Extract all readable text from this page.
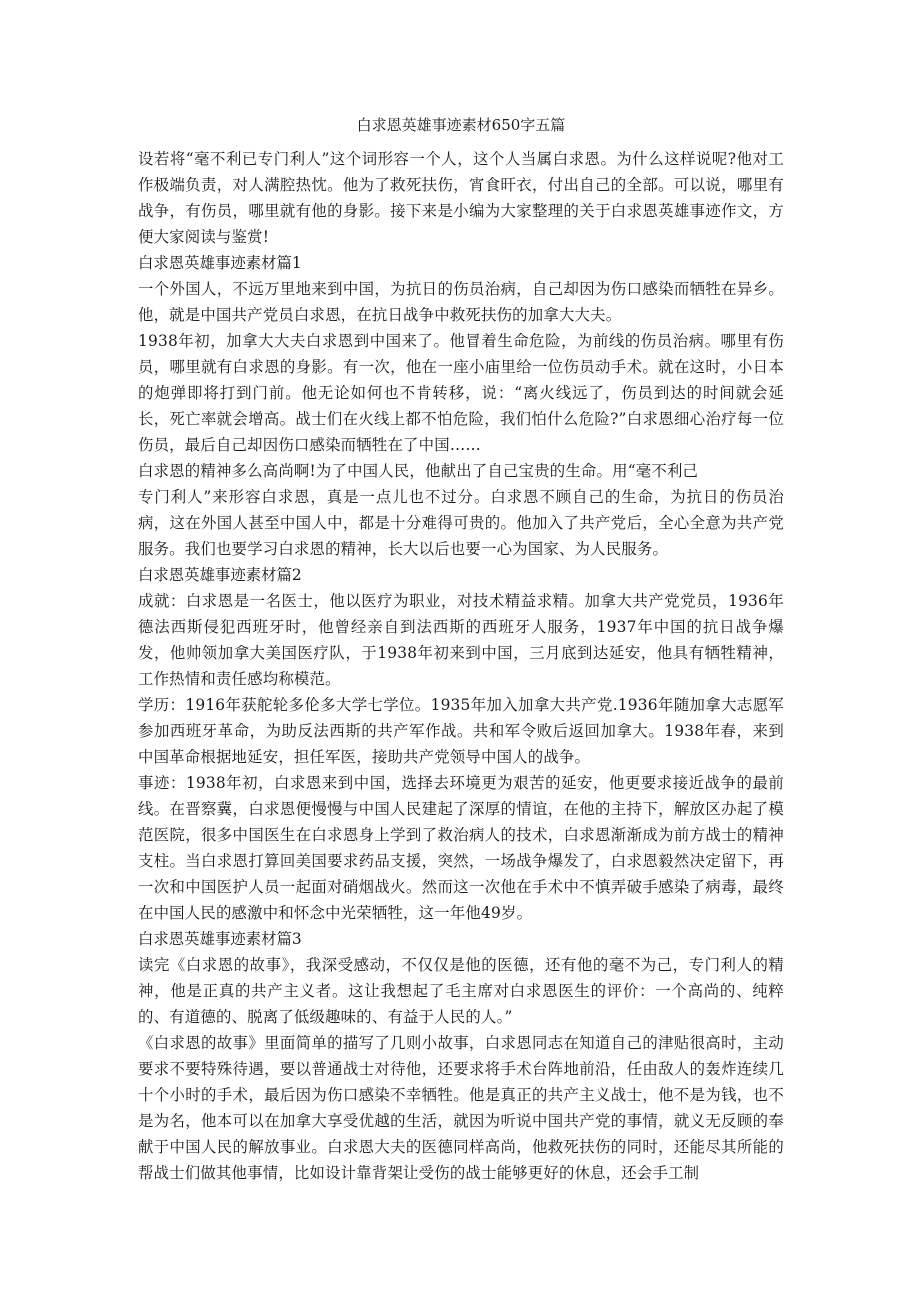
白求恩英雄事迹素材650字五篇

设若将“毫不利已专门利人”这个词形容一个人，这个人当属白求恩。为什么这样说呢?他对工作极端负责，对人满腔热忱。他为了救死扶伤，宵食旰衣，付出自己的全部。可以说，哪里有战争，有伤员，哪里就有他的身影。接下来是小编为大家整理的关于白求恩英雄事迹作文，方便大家阅读与鉴赏!

白求恩英雄事迹素材篇1

一个外国人，不远万里地来到中国，为抗日的伤员治病，自己却因为伤口感染而牺牲在异乡。他，就是中国共产党员白求恩，在抗日战争中救死扶伤的加拿大大夫。

1938年初，加拿大大夫白求恩到中国来了。他冒着生命危险，为前线的伤员治病。哪里有伤员，哪里就有白求恩的身影。有一次，他在一座小庙里给一位伤员动手术。就在这时，小日本的炮弹即将打到门前。他无论如何也不肯转移，说：“离火线远了，伤员到达的时间就会延长，死亡率就会增高。战士们在火线上都不怕危险，我们怕什么危险?”白求恩细心治疗每一位伤员，最后自己却因伤口感染而牺牲在了中国……

白求恩的精神多么高尚啊!为了中国人民，他献出了自己宝贵的生命。用“毫不利己
专门利人”来形容白求恩，真是一点儿也不过分。白求恩不顾自己的生命，为抗日的伤员治病，这在外国人甚至中国人中，都是十分难得可贵的。他加入了共产党后，全心全意为共产党服务。我们也要学习白求恩的精神，长大以后也要一心为国家、为人民服务。

白求恩英雄事迹素材篇2

成就：白求恩是一名医士，他以医疗为职业，对技术精益求精。加拿大共产党党员，1936年德法西斯侵犯西班牙时，他曾经亲自到法西斯的西班牙人服务，1937年中国的抗日战争爆发，他帅领加拿大美国医疗队，于1938年初来到中国，三月底到达延安，他具有牺牲精神，工作热情和责任感均称模范。

学历：1916年获舵轮多伦多大学七学位。1935年加入加拿大共产党.1936年随加拿大志愿军参加西班牙革命，为助反法西斯的共产军作战。共和军令败后返回加拿大。1938年春，来到中国革命根据地延安，担任军医，接助共产党领导中国人的战争。

事迹：1938年初，白求恩来到中国，选择去环境更为艰苦的延安，他更要求接近战争的最前线。在晋察冀，白求恩便慢慢与中国人民建起了深厚的情谊，在他的主持下，解放区办起了模范医院，很多中国医生在白求恩身上学到了救治病人的技术，白求恩渐渐成为前方战士的精神支柱。当白求恩打算回美国要求药品支援，突然，一场战争爆发了，白求恩毅然决定留下，再一次和中国医护人员一起面对硝烟战火。然而这一次他在手术中不慎弄破手感染了病毒，最终在中国人民的感激中和怀念中光荣牺牲，这一年他49岁。

白求恩英雄事迹素材篇3

读完《白求恩的故事》，我深受感动，不仅仅是他的医德，还有他的毫不为己，专门利人的精神，他是正真的共产主义者。这让我想起了毛主席对白求恩医生的评价：一个高尚的、纯粹的、有道德的、脱离了低级趣味的、有益于人民的人。”

《白求恩的故事》里面简单的描写了几则小故事，白求恩同志在知道自己的津贴很高时，主动要求不要特殊待遇，要以普通战士对待他，还要求将手术台阵地前沿，任由敌人的轰炸连续几十个小时的手术，最后因为伤口感染不幸牺牲。他是真正的共产主义战士，他不是为钱，也不是为名，他本可以在加拿大享受优越的生活，就因为听说中国共产党的事情，就义无反顾的奉献于中国人民的解放事业。白求恩大夫的医德同样高尚，他救死扶伤的同时，还能尽其所能的帮战士们做其他事情，比如设计靠背架让受伤的战士能够更好的休息，还会手工制
